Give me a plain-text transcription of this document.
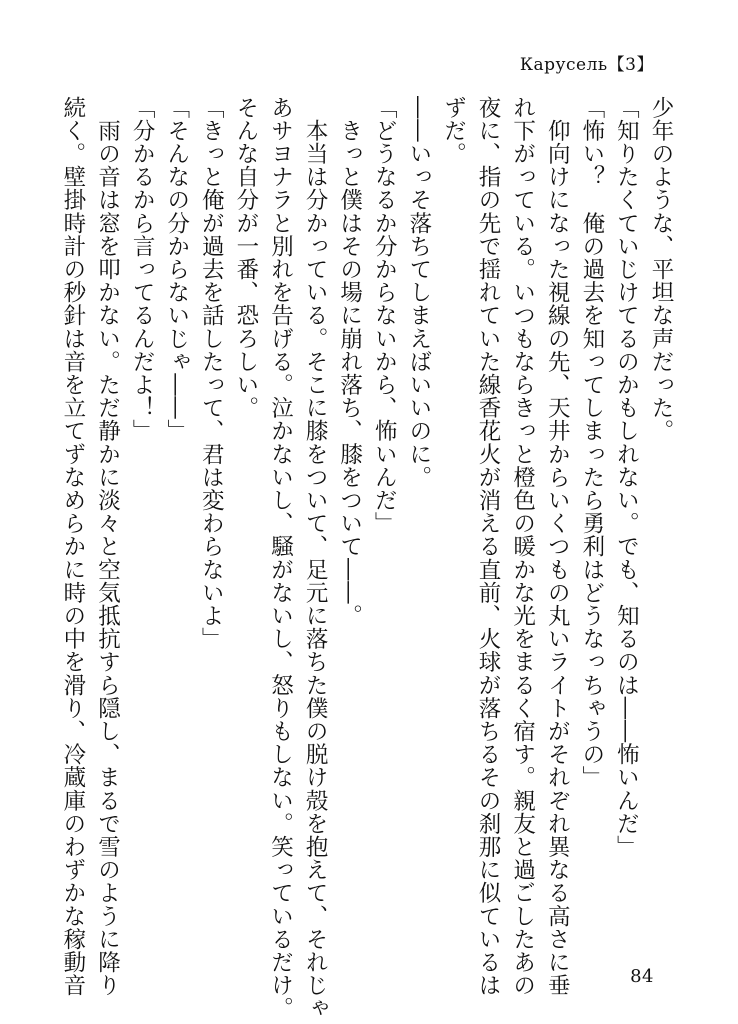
Карусель【3】

少年のような、平坦な声だった。

「知りたくていじけてるのかもしれない。でも、知るのは――怖いんだ」

「怖い？　俺の過去を知ってしまったら勇利はどうなっちゃうの」

　仰向けになった視線の先、天井からいくつもの丸いライトがそれぞれ異なる高さに垂

れ下がっている。いつもならきっと橙色の暖かな光をまるく宿す。親友と過ごしたあの

夜に、指の先で揺れていた線香花火が消える直前、火球が落ちるその刹那に似ているは

ずだ。

――いっそ落ちてしまえばいいのに。

「どうなるか分からないから、怖いんだ」

　きっと僕はその場に崩れ落ち、膝をついて――。

　本当は分かっている。そこに膝をついて、足元に落ちた僕の脱け殻を抱えて、それじゃ

あサヨナラと別れを告げる。泣かないし、騒がないし、怒りもしない。笑っているだけ。

そんな自分が一番、恐ろしい。

「きっと俺が過去を話したって、君は変わらないよ」

「そんなの分からないじゃ――」

「分かるから言ってるんだよ！」

　雨の音は窓を叩かない。ただ静かに淡々と空気抵抗すら隠し、まるで雪のように降り

続く。壁掛時計の秒針は音を立てずなめらかに時の中を滑り、冷蔵庫のわずかな稼動音	84
